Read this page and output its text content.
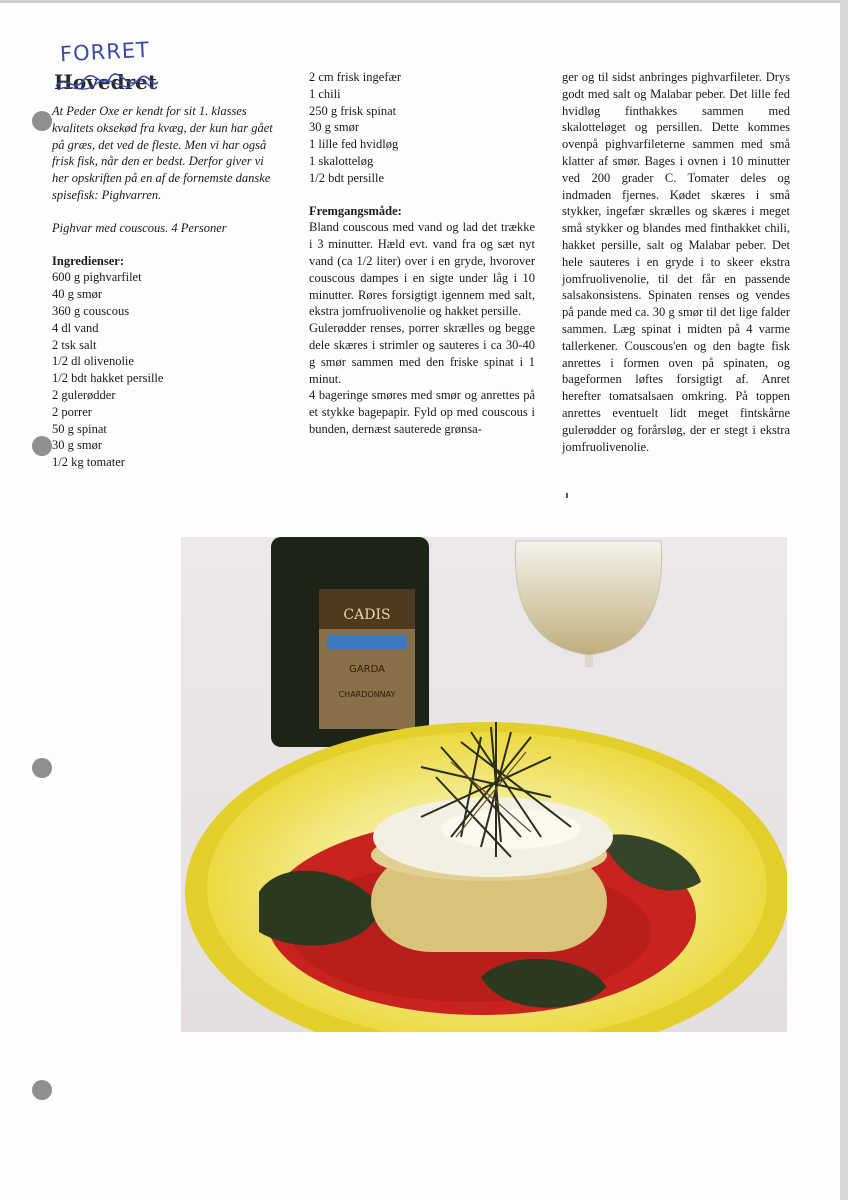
FORRET
Hovedret

At Peder Oxe er kendt for sit 1. klasses kvalitets oksekød fra kvæg, der kun har gået på græs, det ved de fleste. Men vi har også frisk fisk, når den er bedst. Derfor giver vi her opskriften på en af de fornemste danske spisefisk: Pighvarren.

Pighvar med couscous. 4 Personer

Ingredienser:

600 g pighvarfilet
40 g smør
360 g couscous
4 dl vand
2 tsk salt
1/2 dl olivenolie
1/2 bdt hakket persille
2 gulerødder
2 porrer
50 g spinat
30 g smør
1/2 kg tomater
2 cm frisk ingefær
1 chili
250 g frisk spinat
30 g smør
1 lille fed hvidløg
1 skalotteløg
1/2 bdt persille

Fremgangsmåde:

Bland couscous med vand og lad det trække i 3 minutter. Hæld evt. vand fra og sæt nyt vand (ca 1/2 liter) over i en gryde, hvorover couscous dampes i en sigte under låg i 10 minutter. Røres forsigtigt igennem med salt, ekstra jomfruolivenolie og hakket persille.

Gulerødder renses, porrer skrælles og begge dele skæres i strimler og sauteres i ca 30-40 g smør sammen med den friske spinat i 1 minut.

4 bageringe smøres med smør og anrettes på et stykke bagepapir. Fyld op med couscous i bunden, dernæst sauterede grønsa-

ger og til sidst anbringes pighvarfileter. Drys godt med salt og Malabar peber. Det lille fed hvidløg finthakkes sammen med skalotteløget og persillen. Dette kommes ovenpå pighvarfileterne sammen med små klatter af smør. Bages i ovnen i 10 minutter ved 200 grader C. Tomater deles og indmaden fjernes. Kødet skæres i små stykker, ingefær skrælles og skæres i meget små stykker og blandes med finthakket chili, hakket persille, salt og Malabar peber. Det hele sauteres i en gryde i to skeer ekstra jomfruolivenolie, til det får en passende salsakonsistens. Spinaten renses og vendes på pande med ca. 30 g smør til det lige falder sammen. Læg spinat i midten på 4 varme tallerkener. Couscous'en og den bagte fisk anrettes i formen oven på spinaten, og bageformen løftes forsigtigt af. Anret herefter tomatsalsaen omkring. På toppen anrettes eventuelt lidt meget fintskårne gulerødder og forårsløg, der er stegt i ekstra jomfruolivenolie.

CADIS
GARDA
CHARDONNAY
